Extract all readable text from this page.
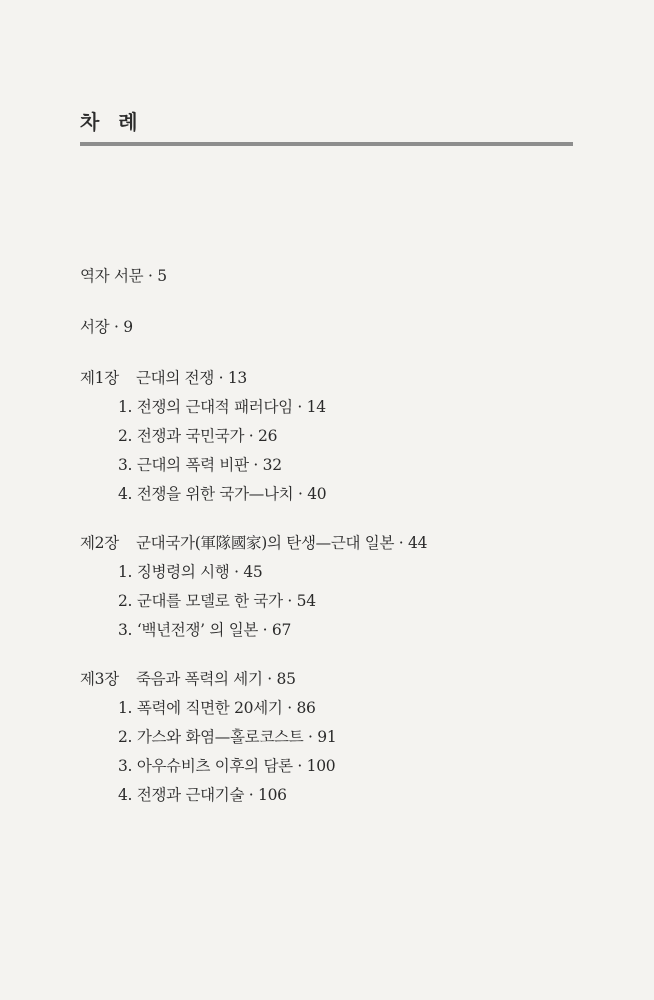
차 례
역자 서문 · 5
서장 · 9
제1장 근대의 전쟁 · 13
1. 전쟁의 근대적 패러다임 · 14
2. 전쟁과 국민국가 · 26
3. 근대의 폭력 비판 · 32
4. 전쟁을 위한 국가—나치 · 40
제2장 군대국가(軍隊國家)의 탄생—근대 일본 · 44
1. 징병령의 시행 · 45
2. 군대를 모델로 한 국가 · 54
3. ‘백년전쟁’ 의 일본 · 67
제3장 죽음과 폭력의 세기 · 85
1. 폭력에 직면한 20세기 · 86
2. 가스와 화염—홀로코스트 · 91
3. 아우슈비츠 이후의 담론 · 100
4. 전쟁과 근대기술 · 106
